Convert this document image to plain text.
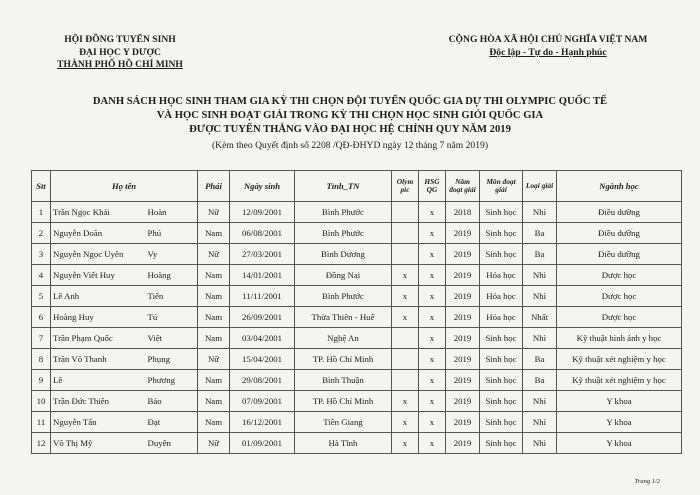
HỘI ĐỒNG TUYỂN SINH
ĐẠI HỌC Y DƯỢC
THÀNH PHỐ HỒ CHÍ MINH
CỘNG HÒA XÃ HỘI CHỦ NGHĨA VIỆT NAM
Độc lập - Tự do - Hạnh phúc
DANH SÁCH HỌC SINH THAM GIA KỲ THI CHỌN ĐỘI TUYỂN QUỐC GIA DỰ THI OLYMPIC QUỐC TẾ
VÀ HỌC SINH ĐOẠT GIẢI TRONG KỲ THI CHỌN HỌC SINH GIỎI QUỐC GIA
ĐƯỢC TUYỂN THẲNG VÀO ĐẠI HỌC HỆ CHÍNH QUY NĂM 2019
(Kèm theo Quyết định số 2208 /QĐ-ĐHYD ngày 12 tháng 7 năm 2019)
Stt	Họ tên		Phái	Ngày sinh	Tỉnh_TN	Olym pic	HSG QG	Năm đoạt giải	Môn đoạt giải	Loại giải	Ngành học
1	Trần Ngọc Khải	Hoàn	Nữ	12/09/2001	Bình Phước		x	2018	Sinh học	Nhì	Điều dưỡng
2	Nguyễn Doãn	Phú	Nam	06/08/2001	Bình Phước		x	2019	Sinh học	Ba	Điều dưỡng
3	Nguyễn Ngọc Uyên	Vy	Nữ	27/03/2001	Bình Dương		x	2019	Sinh học	Ba	Điều dưỡng
4	Nguyễn Viết Huy	Hoàng	Nam	14/01/2001	Đồng Nai	x	x	2019	Hóa học	Nhì	Dược học
5	Lê Anh	Tiến	Nam	11/11/2001	Bình Phước	x	x	2019	Hóa học	Nhì	Dược học
6	Hoàng Huy	Tú	Nam	26/09/2001	Thừa Thiên - Huế	x	x	2019	Hóa học	Nhất	Dược học
7	Trần Phạm Quốc	Việt	Nam	03/04/2001	Nghệ An		x	2019	Sinh học	Nhì	Kỹ thuật hình ảnh y học
8	Trần Võ Thanh	Phụng	Nữ	15/04/2001	TP. Hồ Chí Minh		x	2019	Sinh học	Ba	Kỹ thuật xét nghiệm y học
9	Lê	Phương	Nam	29/08/2001	Bình Thuận		x	2019	Sinh học	Ba	Kỹ thuật xét nghiệm y học
10	Trần Đức Thiên	Bảo	Nam	07/09/2001	TP. Hồ Chí Minh	x	x	2019	Sinh học	Nhì	Y khoa
11	Nguyễn Tấn	Đạt	Nam	16/12/2001	Tiền Giang	x	x	2019	Sinh học	Nhì	Y khoa
12	Võ Thị Mỹ	Duyên	Nữ	01/09/2001	Hà Tĩnh	x	x	2019	Sinh học	Nhì	Y khoa
Trang 1/2
